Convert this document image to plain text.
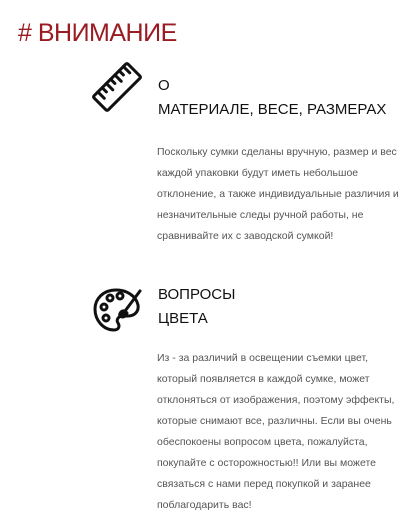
# ВНИМАНИЕ
О
МАТЕРИАЛЕ, ВЕСЕ, РАЗМЕРАХ

Поскольку сумки сделаны вручную, размер и вес
каждой упаковки будут иметь небольшое
отклонение, а также индивидуальные различия и
незначительные следы ручной работы, не
сравнивайте их с заводской сумкой!

ВОПРОСЫ
ЦВЕТА

Из - за различий в освещении съемки цвет,
который появляется в каждой сумке, может
отклоняться от изображения, поэтому эффекты,
которые снимают все, различны. Если вы очень
обеспокоены вопросом цвета, пожалуйста,
покупайте с осторожностью!! Или вы можете
связаться с нами перед покупкой и заранее
поблагодарить вас!
